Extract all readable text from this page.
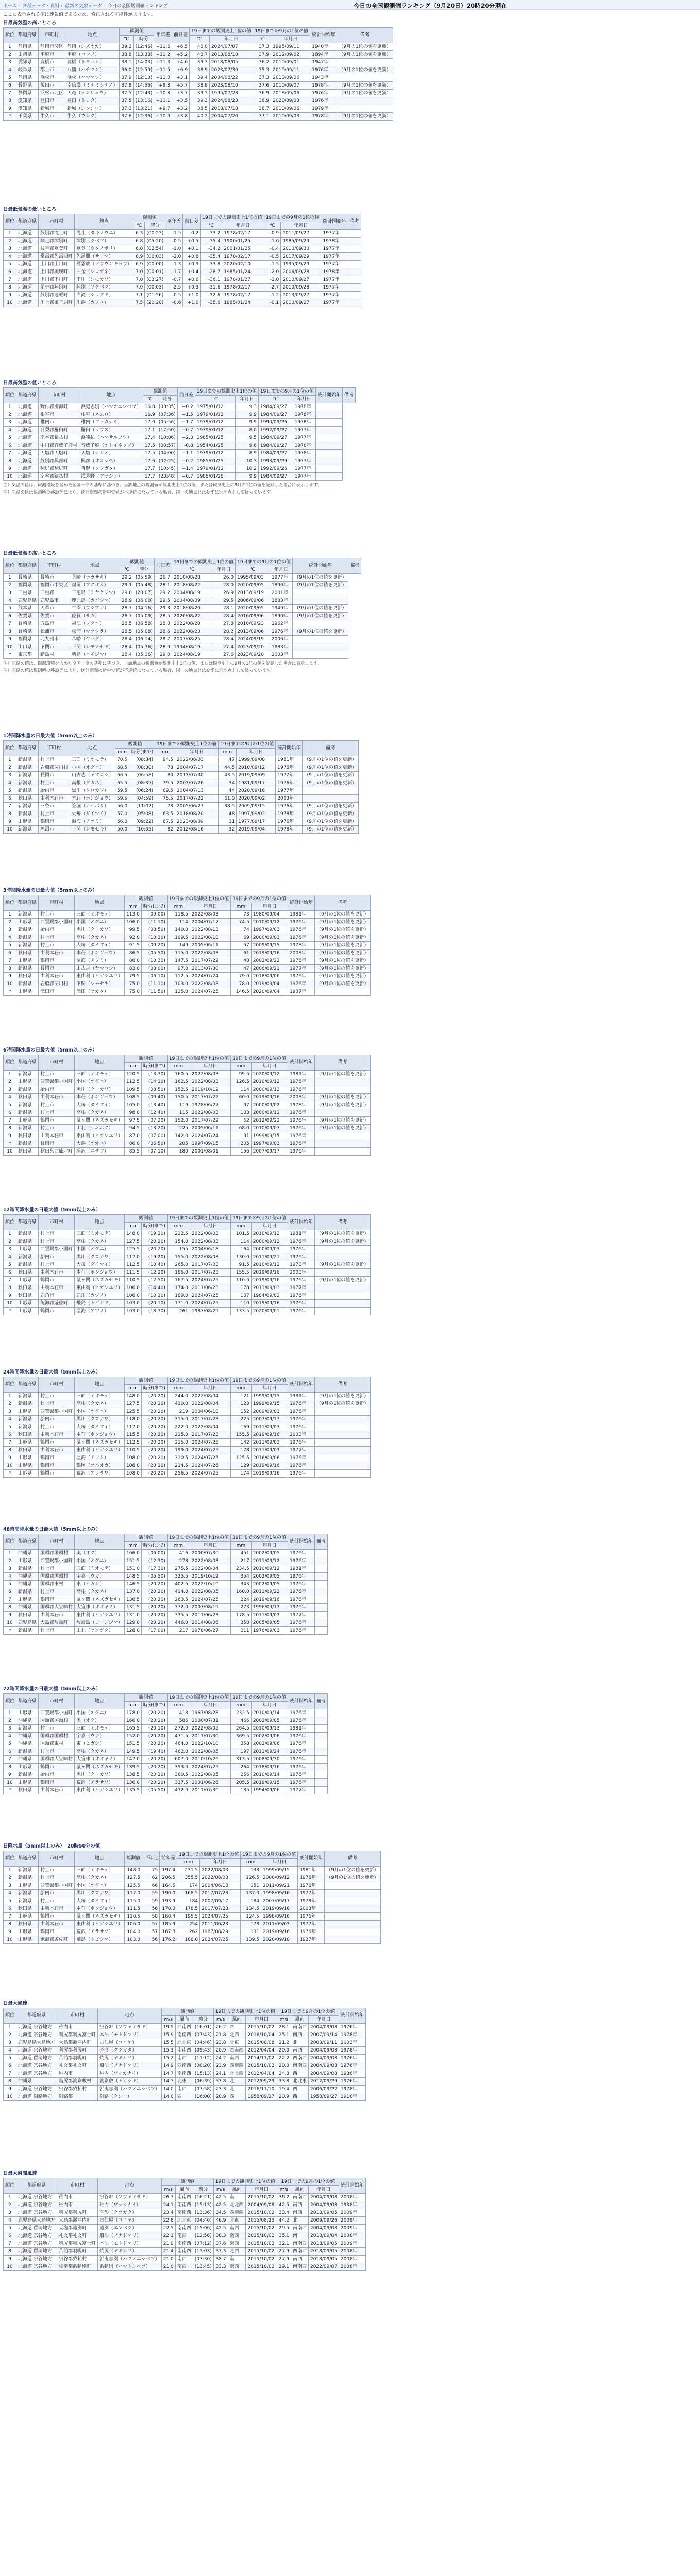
ホーム › 各種データ・資料 › 最新の気象データ › 今日の全国観測値ランキング	今日の全国観測値ランキング（9月20日）20時20分現在
ここに表示される値は速報値であるため、修正される可能性があります。
日最高気温の高いところ
順位	都道府県	市町村	地点	観測値		平年差	前日差	19日までの観測史上1位の値		19日までの9月の1位の値		統計開始年	備考
				℃	時分			℃	年月日	℃	年月日		
1	静岡県	静岡市葵区	静岡（シズオカ）	39.2	(12:46)	+11.6	+6.5	40.0	2024/07/07	37.3	1995/09/11	1940年	（9月の1位の値を更新）
2	山梨県	甲府市	甲府（コウフ）	38.8	(13:38)	+11.2	+5.2	40.7	2013/08/10	37.9	2012/09/02	1894年	（9月の1位の値を更新）
3	愛知県	豊橋市	豊橋（トヨハシ）	38.1	(14:03)	+11.3	+4.6	39.3	2018/08/05	36.2	2010/09/01	1947年	
4	岐阜県	郡上市	八幡（ハチマン）	36.0	(12:59)	+11.5	+6.9	38.9	2023/07/30	35.3	2019/09/11	1976年	（9月の1位の値を更新）
5	静岡県	浜松市	浜松（ハママツ）	37.9	(12:13)	+11.0	+3.1	39.4	2004/08/22	37.3	2010/09/06	1943年	
6	長野県	飯田市	南信濃（ミナミシナノ）	37.8	(14:56)	+9.8	+5.7	38.8	2023/08/10	37.6	2010/09/07	1978年	（9月の1位の値を更新）
7	静岡県	浜松市北区	天竜（テンリュウ）	37.5	(12:43)	+10.8	+3.7	39.3	1995/07/28	36.9	2018/09/06	1976年	（9月の1位の値を更新）
8	愛知県	豊田市	豊田（トヨタ）	37.5	(13:16)	+11.1	+3.5	39.3	2024/08/23	36.9	2020/09/03	1976年	
9	愛知県	新城市	新城（シンシロ）	37.3	(13:21)	+9.7	+3.2	38.5	2018/07/18	36.7	2010/09/06	1979年	
〃	千葉県	牛久市	牛久（ウシク）	37.6	(12:36)	+10.9	+3.8	40.2	2004/07/20	37.1	2010/09/03	1978年	（9月の1位の値を更新）
日最低気温の低いところ
順位	都道府県	市町村	地点	観測値		平年差	前日差	19日までの観測史上1位の値		19日までの9月の1位の値		統計開始年	備考
				℃	時分			℃	年月日	℃	年月日		
1	北海道	紋別郡滝上町	滝上（タキノウエ）	6.3	(00:23)	-1.5	-0.2	-33.2	1978/02/17	-0.9	2011/09/27	1977年	
2	北海道	網走郡津別町	津別（ツベツ）	6.8	(05:20)	-0.5	+0.5	-35.4	1900/01/25	-1.6	1985/09/29	1978年	
3	北海道	枝幸郡歌登町	歌登（ウタノボリ）	6.8	(02:54)	-1.0	+0.1	-34.2	2001/01/25	-0.4	2010/09/30	1977年	
4	北海道	常呂郡佐呂間町	佐呂間（サロマ）	6.9	(00:03)	-2.0	+0.8	-35.4	1978/02/17	-0.5	2017/09/29	1977年	
5	北海道	上川郡上川町	層雲峡（ソウウンキョウ）	6.9	(00:00)	-1.3	+0.9	-33.8	2020/02/10	-1.5	1995/09/29	1977年	
6	北海道	上川郡美瑛町	白金（シロガネ）	7.0	(00:01)	-1.7	+0.4	-28.7	1985/01/24	-2.0	2006/09/28	1978年	
7	北海道	上川郡下川町	下川（シモカワ）	7.0	(03:27)	-0.7	+0.6	-36.1	1978/01/27	-1.0	2010/09/27	1977年	
8	北海道	足寄郡陸別町	陸別（リクベツ）	7.0	(00:03)	-2.5	+0.3	-31.6	1978/02/17	-2.7	2010/09/28	1977年	
9	北海道	紋別郡遠軽町	白滝（シラタキ）	7.1	(01:56)	-0.5	+1.0	-32.6	1978/02/17	-1.2	2013/09/27	1977年	
10	北海道	川上郡弟子屈町	川湯（カワユ）	7.5	(20:20)	-0.6	+1.0	-35.6	1985/01/24	-0.1	2010/09/27	1977年	
日最高気温の低いところ
順位	都道府県	市町村	地点	観測値		前日差	19日までの観測史上1位の値		19日までの9月の1位の値		統計開始年	備考
				℃	時分		℃	年月日	℃	年月日		
1	北海道	野付郡別海町	浜鬼志別（ハマオニシベツ）	16.8	(03:35)	+0.2	1975/01/12	9.3	1984/09/27	1978年		
2	北海道	根室市	根室（ネムロ）	16.9	(07:36)	+1.5	1979/01/12	9.9	1984/09/27	1978年		
3	北海道	稚内市	稚内（ワッカナイ）	17.0	(05:56)	+1.7	1979/01/12	9.9	1990/09/26	1978年		
4	北海道	目梨郡羅臼町	羅臼（ラウス）	17.1	(17:50)	+0.7	1979/01/12	8.0	1992/09/27	1977年		
5	北海道	宗谷郡猿払村	浜猿払（ハマサルフツ）	17.4	(10:06)	+2.3	1985/01/25	9.5	1984/09/27	1977年		
6	北海道	中川郡音威子府村	音威子府（オトイネップ）	17.5	(00:57)	-0.8	1954/01/25	9.6	1984/09/27	1978年		
7	北海道	天塩郡天塩町	天塩（テシオ）	17.5	(04:00)	+1.1	1979/01/12	8.9	1984/09/27	1978年		
8	北海道	紋別郡興部町	興部（オコッペ）	17.6	(02:25)	+0.2	1985/01/25	10.3	1993/09/29	1977年		
9	北海道	利尻郡利尻町	沓形（クツガタ）	17.7	(10:45)	+1.4	1979/01/12	10.2	1992/09/26	1977年		
10	北海道	宗谷郡猿払村	浅茅野（アサジノ）	17.7	(23:48)	+0.7	1985/01/25	9.9	1984/09/27	1977年		
注）気温の値は、観測環境を含めた全国一律の基準に基づき、当該地点の観測値が観測史上1位の値、または観測史上の9月の1位の値を記録した場合に表示します。
注）気温の値は観測所の移設等により、統計期間の途中で値が不連続になっている場合、同一の地点とはせずに別地点として扱っています。
日最低気温の高いところ
順位	都道府県	市町村	地点	観測値		前日差	19日までの観測史上1位の値		19日までの9月の1位の値		統計開始年	備考
				℃	時分		℃	年月日	℃	年月日		
1	長崎県	長崎市	長崎（ナガサキ）	29.2	(05:59)	26.7	2010/08/28	26.0	1995/09/03	1977年	（9月の1位の値を更新）	
2	福岡県	福岡市中央区	福岡（フクオカ）	29.1	(05:48)	28.1	2018/08/22	28.0	2020/09/05	1890年	（9月の1位の値を更新）	
3	三重県	三重郡	三宅島（ミヤケジマ）	29.0	(20:07)	29.2	2004/08/19	26.9	2013/09/19	2001年		
4	鹿児島県	鹿児島市	鹿児島（カゴシマ）	28.9	(06:00)	29.5	2004/08/09	29.5	2006/09/06	1883年		
5	熊本県	天草市	牛深（ウシブカ）	28.7	(04:16)	29.3	2018/08/20	28.1	2020/09/05	1949年	（9月の1位の値を更新）	
6	佐賀県	佐賀市	佐賀（サガ）	28.7	(05:09)	28.5	2020/08/22	28.4	2016/09/06	1890年	（9月の1位の値を更新）	
7	長崎県	五島市	福江（フクエ）	28.5	(06:58)	28.8	2022/08/20	27.8	2010/09/23	1962年		
8	長崎県	松浦市	松浦（マツウラ）	28.5	(05:08)	28.6	2022/08/23	28.2	2013/09/06	1976年	（9月の1位の値を更新）	
9	福岡県	北九州市	八幡（ヤハタ）	28.4	(06:14)	28.7	2007/08/25	28.4	2024/09/19	2006年		
10	山口県	下関市	下関（シモノセキ）	28.4	(05:36)	28.9	1994/08/19	27.4	2023/09/20	1883年		
〃	東京都	新島村	新島（ニイジマ）	28.4	(05:36)	29.0	2024/08/19	27.6	2023/09/20	2003年		
注）気温の値は、観測環境を含めた全国一律の基準に基づき、当該地点の観測値が観測史上1位の値、または観測史上の9月の1位の値を記録した場合に表示します。
注）気温の値は観測所の移設等により、統計期間の途中で値が不連続になっている場合、同一の地点とはせずに別地点として扱っています。
1時間降水量の日最大値（5mm以上のみ）
順位	都道府県	市町村	地点	観測値		19日までの観測史上1位の値		19日までの9月の1位の値		統計開始年	備考
				mm	時分(まで)	mm	年月日	mm	年月日		
1	新潟県	村上市	三面（ミオモテ）	70.5	(08:34)	94.5	2022/08/03	47	1999/09/08	1981年	（9月の1位の値を更新）
2	新潟県	岩船郡関川村	小国（オグニ）	68.5	(08:30)	78	2004/07/17	44.5	2010/09/12	1976年	（9月の1位の値を更新）
3	新潟県	長岡市	山古志（ヤマコシ）	66.5	(06:58)	80	2013/07/30	43.5	2019/09/09	1977年	（9月の1位の値を更新）
4	新潟県	村上市	高根（タカネ）	65.5	(08:35)	79.5	2003/07/26	34	1981/09/17	1976年	（9月の1位の値を更新）
5	新潟県	胎内市	黒川（クロカワ）	59.5	(06:24)	69.5	2004/07/13	44	2020/09/16	1977年	
6	秋田県	由利本荘市	本荘（ホンジョウ）	59.5	(04:59)	75.5	2017/07/22	61.0	2020/09/02	2003年	
7	新潟県	三条市	笠堀（カサボリ）	56.0	(11:02)	78	2005/06/27	38.5	2009/09/15	1976年	（9月の1位の値を更新）
8	新潟県	村上市	大毎（ダイマイ）	57.0	(05:08)	63.5	2018/08/20	48	1997/09/02	1978年	（9月の1位の値を更新）
9	山形県	鶴岡市	温海（アツミ）	56.0	(09:22)	67.5	2023/08/09	31	1977/09/17	1976年	（9月の1位の値を更新）
10	新潟県	魚沼市	下関（シモセキ）	50.0	(10:05)	82	2012/08/16	32	2019/09/04	1978年	（9月の1位の値を更新）
3時間降水量の日最大値（5mm以上のみ）
順位	都道府県	市町村	地点	観測値		19日までの観測史上1位の値		19日までの9月の1位の値		統計開始年	備考
				mm	時分(まで)	mm	年月日	mm	年月日		
1	新潟県	村上市	三面（ミオモテ）	113.0	(09:00)	118.5	2022/08/03	73	1980/09/04	1981年	（9月の1位の値を更新）
2	山形県	西置賜郡小国町	小国（オグニ）	106.0	(11:10)	114	2004/07/17	74.5	2010/09/12	1976年	（9月の1位の値を更新）
3	新潟県	胎内市	黒川（クロカワ）	99.5	(08:50)	140.0	2022/08/13	74	1997/09/03	1976年	（9月の1位の値を更新）
4	新潟県	村上市	高根（タカネ）	92.0	(10:30)	109.5	2022/08/18	69	2000/09/03	1976年	（9月の1位の値を更新）
5	新潟県	村上市	大毎（ダイマイ）	91.5	(09:20)	149	2005/06/11	57	2009/09/15	1978年	（9月の1位の値を更新）
6	秋田県	由利本荘市	本荘（ホンジョウ）	86.5	(05:50)	115.0	2022/08/03	61	2019/09/16	2003年	（9月の1位の値を更新）
7	山形県	鶴岡市	温海（アツミ）	86.0	(10:30)	147.5	2017/07/22	40	2002/09/22	1976年	（9月の1位の値を更新）
8	新潟県	長岡市	山古志（ヤマコシ）	83.0	(08:00)	97.0	2013/07/30	47	2006/09/21	1977年	（9月の1位の値を更新）
9	秋田県	由利本荘市	東由利（ヒガシユリ）	79.5	(06:10)	112.5	2024/07/24	79.0	2018/09/06	1976年	（9月の1位の値を更新）
10	新潟県	岩船郡関川村	下関（シモセキ）	75.0	(11:10)	103.0	2022/08/08	78.0	2019/09/04	1976年	（9月の1位の値を更新）
〃	山形県	酒田市	酒田（サカタ）	75.0	(11:50)	115.0	2024/07/25	146.5	2020/09/04	1937年	
6時間降水量の日最大値（5mm以上のみ）
順位	都道府県	市町村	地点	観測値		19日までの観測史上1位の値		19日までの9月の1位の値		統計開始年	備考
				mm	時分(まで)	mm	年月日	mm	年月日		
1	新潟県	村上市	三面（ミオモテ）	120.5	(13:30)	160.5	2022/08/03	99.5	2020/09/12	1981年	（9月の1位の値を更新）
2	山形県	西置賜郡小国町	小国（オグニ）	112.5	(14:10)	162.5	2022/08/03	126.5	2010/09/12	1976年	
3	新潟県	胎内市	黒川（クロカワ）	109.5	(08:50)	152.5	2019/10/12	114	2000/09/12	1976年	
4	秋田県	由利本荘市	本荘（ホンジョウ）	108.5	(09:40)	150.5	2017/07/22	60.0	2019/09/16	2003年	（9月の1位の値を更新）
5	新潟県	村上市	大毎（ダイマイ）	105.0	(13:40)	119	1978/06/27	97	2000/09/02	1978年	（9月の1位の値を更新）
6	新潟県	村上市	高根（タカネ）	98.0	(12:40)	115	2022/08/03	103	2000/09/12	1976年	
7	山形県	鶴岡市	鼠ヶ関（ネズガセキ）	97.5	(07:20)	152.0	2017/07/22	62	2012/09/22	1976年	（9月の1位の値を更新）
8	新潟県	村上市	山北（サンポク）	94.5	(13:20)	225	2005/06/11	68.0	2010/09/07	1976年	（9月の1位の値を更新）
9	秋田県	由利本荘市	東由利（ヒガシユリ）	87.0	(07:00)	142.0	2024/07/24	91	1999/09/15	1976年	
〃	新潟県	長岡市	大湯（オオユ）	86.0	(06:50)	205	1997/09/15	205	1997/09/03	1976年	
10	秋田県	秋田県西仙北町	湯沢（ユザワ）	85.5	(07:10)	180	2001/08/01	156	2007/09/17	1976年	
12時間降水量の日最大値（5mm以上のみ）
順位	都道府県	市町村	地点	観測値		19日までの観測史上1位の値		19日までの9月の1位の値		統計開始年	備考
				mm	時分(まで)	mm	年月日	mm	年月日		
1	新潟県	村上市	三面（ミオモテ）	148.0	(19:20)	222.5	2022/08/03	101.5	2010/09/12	1981年	（9月の1位の値を更新）
2	新潟県	村上市	高根（タカネ）	127.5	(20:20)	154.0	2022/08/03	114	2000/09/12	1976年	（9月の1位の値を更新）
3	山形県	西置賜郡小国町	小国（オグニ）	125.5	(20:20)	155	2004/06/18	164	2000/09/03	1976年	
4	新潟県	胎内市	黒川（クロカワ）	117.0	(19:20)	155.0	2022/08/03	130.0	2011/09/21	1976年	
5	新潟県	村上市	大毎（ダイマイ）	112.5	(10:40)	265.0	2017/07/03	91.5	2010/09/12	1978年	（9月の1位の値を更新）
6	秋田県	由利本荘市	本荘（ホンジョウ）	111.5	(12:20)	185.0	2017/07/23	155.5	2019/09/16	2003年	
7	山形県	鶴岡市	鼠ヶ関（ネズガセキ）	110.5	(12:50)	167.5	2024/07/25	110.0	2019/09/16	1976年	（9月の1位の値を更新）
8	秋田県	由利本荘市	東由利（ヒガシユリ）	106.0	(14:40)	174.0	2011/06/23	178	2011/09/03	1977年	
9	秋田県	鹿角市	鹿角（カヅノ）	106.0	(10:10)	189.0	2024/07/25	107	1984/09/02	1976年	
10	山形県	飽海郡遊佐町	飛島（トビシマ）	103.0	(20:10)	171.0	2024/07/25	110	2019/09/16	1976年	
〃	山形県	鶴岡市	温海（アツミ）	103.0	(18:30)	261	1987/08/29	133.5	2020/09/01	1976年	
24時間降水量の日最大値（5mm以上のみ）
順位	都道府県	市町村	地点	観測値		19日までの観測史上1位の値		19日までの9月の1位の値		統計開始年	備考
				mm	時分(まで)	mm	年月日	mm	年月日		
1	新潟県	村上市	三面（ミオモテ）	148.0	(20:20)	244.0	2022/08/04	121	1999/09/15	1981年	（9月の1位の値を更新）
2	新潟県	村上市	高根（タカネ）	127.5	(20:20)	410.0	2022/08/04	123	1999/09/15	1976年	（9月の1位の値を更新）
3	山形県	西置賜郡小国町	小国（オグニ）	125.5	(20:20)	219	2004/06/18	152	2009/09/03	1976年	
4	新潟県	胎内市	黒川（クロカワ）	118.0	(20:20)	315.0	2017/07/23	225	2007/09/17	1976年	
5	新潟県	村上市	大毎（ダイマイ）	117.0	(20:20)	222.0	2022/08/04	169	2011/09/03	1976年	
6	秋田県	由利本荘市	本荘（ホンジョウ）	115.5	(20:20)	215.0	2017/07/23	155.5	2019/09/16	2003年	
7	山形県	鶴岡市	鼠ヶ関（ネズガセキ）	112.5	(20:20)	215.0	2024/07/25	142	2011/09/03	1976年	
8	秋田県	由利本荘市	東由利（ヒガシユリ）	110.5	(20:20)	199.0	2024/07/25	178	2011/09/03	1977年	
9	山形県	鶴岡市	温海（アツミ）	108.0	(20:20)	310.5	2024/07/25	125.5	2016/09/06	1976年	
10	山形県	鶴岡市	鶴岡（ツルオカ）	108.0	(20:20)	214.5	2024/07/26	129	2019/09/16	1976年	
〃	山形県	鶴岡市	荒沢（アラサワ）	108.0	(20:20)	256.5	2024/07/25	174	2019/09/16	1976年	
48時間降水量の日最大値（5mm以上のみ）
順位	都道府県	市町村	地点	観測値		19日までの観測史上1位の値		19日までの9月の1位の値		統計開始年	備考
				mm	時分(まで)	mm	年月日	mm	年月日		
1	沖縄県	国頭郡国頭村	奥（オク）	166.0	(06:00)	416	2000/07/30	451	2002/09/05	1976年	
2	山形県	西置賜郡小国町	小国（オグニ）	151.5	(12:30)	278	2022/08/03	217	2011/09/12	1976年	
3	新潟県	村上市	三面（ミオモテ）	151.0	(17:30)	275.5	2022/08/04	234.5	2010/09/12	1981年	
4	沖縄県	国頭郡国頭村	宇嘉（ウカ）	148.5	(05:50)	325.5	2019/10/12	354	2002/09/05	1976年	
5	沖縄県	国頭郡東村	東（ヒガシ）	146.5	(20:20)	402.5	2022/10/10	343	2002/09/05	1976年	
6	新潟県	村上市	高根（タカネ）	137.0	(20:20)	414.0	2022/08/05	160.0	2011/09/22	1976年	
7	山形県	鶴岡市	鼠ヶ関（ネズガセキ）	136.5	(20:20)	263.5	2024/07/25	224	2019/09/16	1976年	
8	沖縄県	国頭郡大宜味村	大宜味（オオギミ）	131.5	(20:20)	372.0	2007/08/19	273	1996/09/13	1976年	
9	秋田県	由利本荘市	東由利（ヒガシユリ）	131.0	(20:20)	335.5	2011/06/23	178.5	2011/09/03	1977年	
10	鹿児島県	大島郡与論町	与論島（ヨロンジマ）	129.0	(20:20)	446.0	2014/08/06	358	2005/09/05	1976年	
〃	新潟県	村上市	山北（サンポク）	128.0	(17:00)	217	1978/06/27	211	1976/09/03	1976年	
72時間降水量の日最大値（5mm以上のみ）
順位	都道府県	市町村	地点	観測値		19日までの観測史上1位の値		19日までの9月の1位の値		統計開始年	備考
				mm	時分(まで)	mm	年月日	mm	年月日		
1	山形県	西置賜郡小国町	小国（オグニ）	178.0	(20:20)	418	1967/08/28	232.5	2010/09/14	1976年	
2	沖縄県	国頭郡国頭村	奥（オク）	166.0	(20:20)	586	2000/07/31	466	2002/09/05	1976年	
3	新潟県	村上市	三面（ミオモテ）	165.5	(20:10)	272.0	2022/08/05	264.5	2010/09/13	1981年	
4	沖縄県	国頭郡国頭村	宇嘉（ウカ）	152.0	(20:20)	471.5	2011/07/30	369.5	2002/09/06	1976年	
5	沖縄県	国頭郡東村	東（ヒガシ）	151.5	(20:20)	464.0	2022/10/10	358	2002/09/06	1976年	
6	新潟県	村上市	高根（タカネ）	149.5	(19:40)	462.0	2022/08/05	197	2011/09/24	1976年	
7	沖縄県	国頭郡大宜味村	大宜味（オオギミ）	147.0	(20:20)	607.0	2010/10/26	313.5	2008/09/30	1976年	
8	山形県	鶴岡市	鼠ヶ関（ネズガセキ）	139.5	(20:20)	353.0	2024/07/25	264	2018/09/16	1976年	
9	新潟県	胎内市	黒川（クロカワ）	138.5	(20:20)	360.5	2022/08/05	256	2010/09/14	1976年	
10	山形県	鶴岡市	荒沢（アラサワ）	136.0	(20:20)	337.5	2001/06/26	205.5	2019/09/15	1976年	
〃	秋田県	由利本荘市	東由利（ヒガシユリ）	135.5	(05:50)	432.0	2011/07/30	185	1994/09/06	1977年	
日降水量（5mm以上のみ）　20時50分の値
順位	都道府県	市町村	地点	観測値	平年比	前年差	19日までの観測史上1位の値		19日までの9月の1位の値		統計開始年	備考
							mm	年月日	mm	年月日		
1	新潟県	村上市	三面（ミオモテ）	148.0	75	197.4	231.5	2022/08/03	133	1999/09/15	1981年	（9月の1位の値を更新）
2	新潟県	村上市	高根（タカネ）	127.5	62	206.5	355.5	2022/08/03	126.5	2000/09/12	1976年	（9月の1位の値を更新）
3	山形県	西置賜郡小国町	小国（オグニ）	125.5	66	164.5	174	2004/06/18	151	2011/09/21	1976年	
4	新潟県	胎内市	黒川（クロカワ）	117.0	55	190.0	168.5	2017/07/23	137.0	1998/09/16	1977年	
5	新潟県	村上市	大毎（ダイマイ）	115.0	59	193.9	184	2007/09/17	184	2007/09/17	1978年	
6	秋田県	由利本荘市	本荘（ホンジョウ）	111.5	56	170.0	178.5	2017/07/23	134.5	2019/09/16	2003年	
7	山形県	鶴岡市	鼠ヶ関（ネズガセキ）	110.5	58	160.4	195.5	2024/07/25	124.5	1998/09/16	1976年	
8	秋田県	由利本荘市	東由利（ヒガシユリ）	106.0	57	185.9	254	2011/06/23	178	2011/09/03	1977年	
9	山形県	鶴岡市	荒沢（アラサワ）	104.0	57	167.8	262	1987/08/29	131	2019/09/16	1976年	
10	山形県	飽海郡遊佐町	飛島（トビシマ）	103.0	56	176.2	188.0	2024/07/25	139.5	2020/09/10	1937年	
日最大風速
順位	都道府県	市町村	地点	観測値			19日までの観測史上1位の値			19日までの9月の1位の値			統計開始年
				m/s	風向	時分	m/s	風向	年月日	m/s	風向	年月日	
1	北海道 宗谷地方	稚内市	宗谷岬（ソウヤミサキ）	19.5	西南西	(16:01)	26.2	西	2015/10/02	28.1	南南西	2004/09/08	1976年
2	北海道 宗谷地方	利尻郡利尻富士町	本泊（モトドマリ）	15.9	南南西	(07:43)	21.8	北西	2016/10/04	25.1	南西	2007/09/14	1978年
3	鹿児島県大島地方	大島郡瀬戸内町	古仁屋（コニヤ）	15.5	北北東	(04:46)	23.8	北東	2015/08/08	21.2	北	2003/09/11	2003年
4	北海道 宗谷地方	利尻郡利尻町	沓形（クツガタ）	15.3	南南西	(09:43)	20.9	西南西	2012/04/04	20.0	南西	2004/09/08	1978年
5	北海道 留萌地方	苫前郡羽幌町	焼尻（ヤギシリ）	15.2	南西	(11:12)	24.2	南西	2014/11/02	22.2	西南西	2004/09/08	1976年
6	北海道 宗谷地方	礼文郡礼文町	船泊（フナドマリ）	14.9	西南西	(00:20)	23.9	西南西	2015/10/02	20.0	南南西	2004/09/08	1976年
7	北海道 宗谷地方	稚内市	稚内（ワッカナイ）	14.7	南南西	(15:13)	24.1	北北西	2012/04/04	24.8	西	2004/09/08	1938年
8	沖縄県	島尻郡渡嘉敷村	渡嘉敷（トカシキ）	14.3	北東	(06:39)	33.8	北	2012/09/29	33.8	北北東	2012/09/29	1976年
9	北海道 宗谷地方	宗谷郡猿払村	浜鬼志別（ハマオニシベツ）	14.0	南西	(07:58)	23.3	北	2016/11/10	19.4	西	2006/09/22	1978年
10	北海道 釧路地方	釧路郡	釧路（クシロ）	14.0	西	(16:00)	20.9	西	1958/09/27	20.9	西	1958/09/27	1910年
日最大瞬間風速
順位	都道府県	市町村	地点	観測値			19日までの観測史上1位の値			19日までの9月の1位の値			統計開始年
				m/s	風向	時分	m/s	風向	年月日	m/s	風向	年月日	
1	北海道 宗谷地方	稚内市	宗谷岬（ソウヤミサキ）	26.3	南南西	(16:21)	42.5	南	2015/10/02	36.2	南南西	2004/09/08	2008年
2	北海道 宗谷地方	稚内市	稚内（ワッカナイ）	24.1	南南西	(15:13)	42.5	北北西	2004/09/08	42.5	南西	2004/09/08	1938年
3	北海道 宗谷地方	利尻郡利尻町	沓形（クツガタ）	23.4	南南西	(13:36)	34.5	西南西	2015/10/02	33.4	南西	2018/09/05	2009年
4	鹿児島県大島地方	大島郡瀬戸内町	古仁屋（コニヤ）	22.8	北北東	(04:46)	46.9	北東	2015/08/23	44.2	北	2009/09/26	2009年
5	北海道 留萌地方	天塩郡遠別町	遠別（エンベツ）	22.5	南南西	(15:06)	42.5	南西	2015/10/02	29.5	南南西	2004/09/08	2009年
6	北海道 宗谷地方	礼文郡礼文町	船泊（フナドマリ）	22.1	南西	(12:56)	38.3	南西	2015/10/02	35.1	南	2018/09/04	2008年
7	北海道 宗谷地方	利尻郡利尻富士町	本泊（モトドマリ）	21.9	南南西	(07:12)	37.6	南西	2015/10/02	32.1	南南西	2018/09/05	2009年
8	北海道 留萌地方	苫前郡羽幌町	焼尻（ヤギシリ）	21.4	南南西	(13:03)	37.3	北西	2015/10/02	27.9	西南西	2018/09/05	2008年
9	北海道 宗谷地方	宗谷郡猿払村	浜鬼志別（ハマオニシベツ）	21.0	南西	(07:30)	38.7	南	2015/10/02	27.9	南西	2018/09/05	2008年
10	北海道 宗谷地方	枝幸郡浜頓別町	浜頓別（ハマトンベツ）	21.0	南西	(13:45)	33.3	南西	2015/10/02	29.1	南南西	2022/09/07	2008年
